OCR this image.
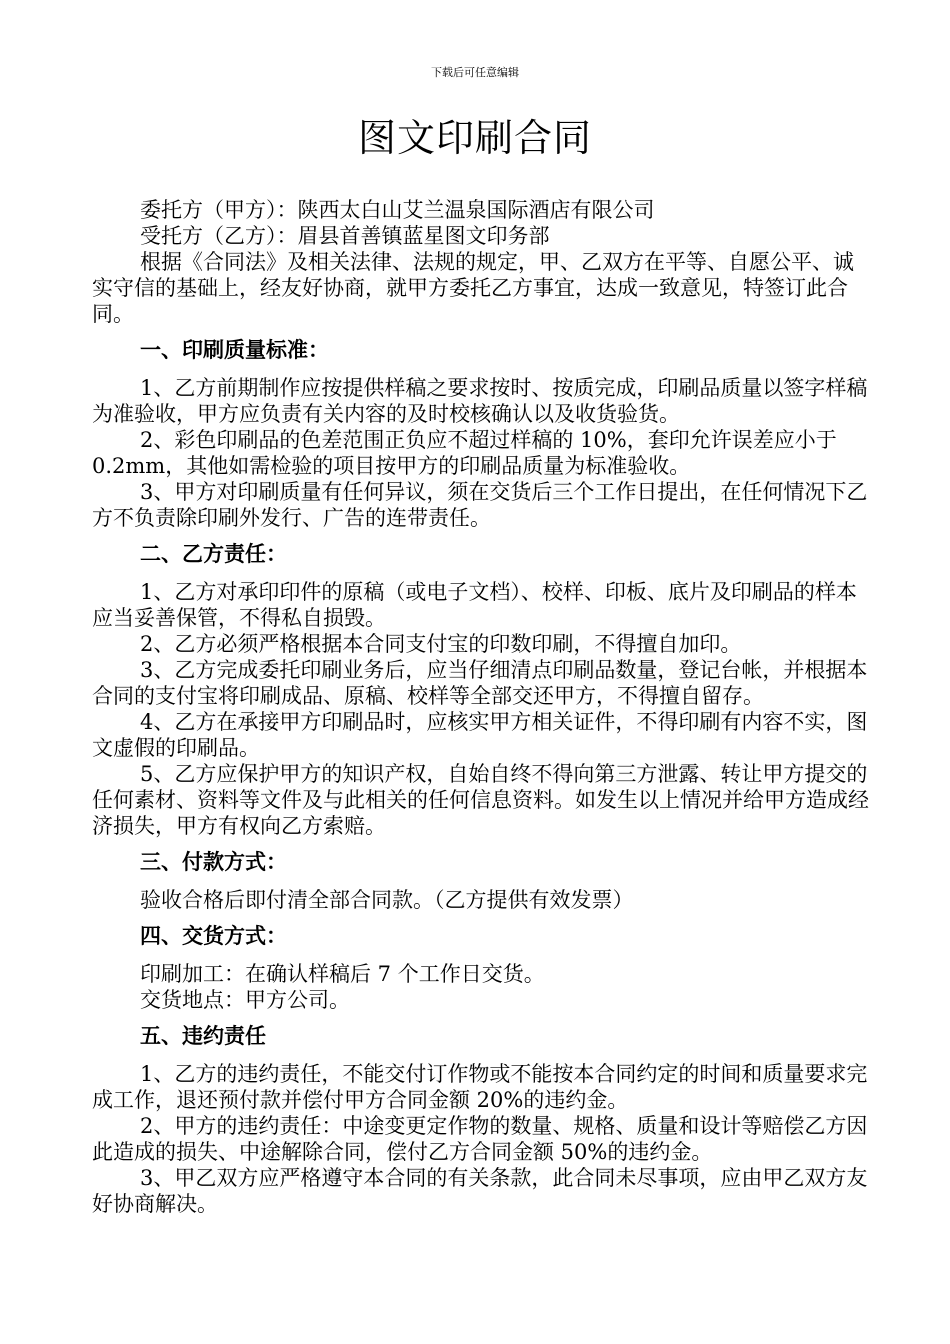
下载后可任意编辑
图文印刷合同

委托方（甲方）：陕西太白山艾兰温泉国际酒店有限公司

受托方（乙方）：眉县首善镇蓝星图文印务部

根据《合同法》及相关法律、法规的规定，甲、乙双方在平等、自愿公平、诚实守信的基础上，经友好协商，就甲方委托乙方事宜，达成一致意见，特签订此合同。

一、印刷质量标准：

1、乙方前期制作应按提供样稿之要求按时、按质完成，印刷品质量以签字样稿为准验收，甲方应负责有关内容的及时校核确认以及收货验货。

2、彩色印刷品的色差范围正负应不超过样稿的 10%，套印允许误差应小于 0.2mm，其他如需检验的项目按甲方的印刷品质量为标准验收。

3、甲方对印刷质量有任何异议，须在交货后三个工作日提出，在任何情况下乙方不负责除印刷外发行、广告的连带责任。

二、乙方责任：

1、乙方对承印印件的原稿（或电子文档）、校样、印板、底片及印刷品的样本应当妥善保管，不得私自损毁。

2、乙方必须严格根据本合同支付宝的印数印刷，不得擅自加印。

3、乙方完成委托印刷业务后，应当仔细清点印刷品数量，登记台帐，并根据本合同的支付宝将印刷成品、原稿、校样等全部交还甲方，不得擅自留存。

4、乙方在承接甲方印刷品时，应核实甲方相关证件，不得印刷有内容不实，图文虚假的印刷品。

5、乙方应保护甲方的知识产权，自始自终不得向第三方泄露、转让甲方提交的任何素材、资料等文件及与此相关的任何信息资料。如发生以上情况并给甲方造成经济损失，甲方有权向乙方索赔。

三、付款方式：

验收合格后即付清全部合同款。（乙方提供有效发票）

四、交货方式：

印刷加工：在确认样稿后 7 个工作日交货。

交货地点：甲方公司。

五、违约责任

1、乙方的违约责任，不能交付订作物或不能按本合同约定的时间和质量要求完成工作，退还预付款并偿付甲方合同金额 20%的违约金。

2、甲方的违约责任：中途变更定作物的数量、规格、质量和设计等赔偿乙方因此造成的损失、中途解除合同，偿付乙方合同金额 50%的违约金。

3、甲乙双方应严格遵守本合同的有关条款，此合同未尽事项，应由甲乙双方友好协商解决。
